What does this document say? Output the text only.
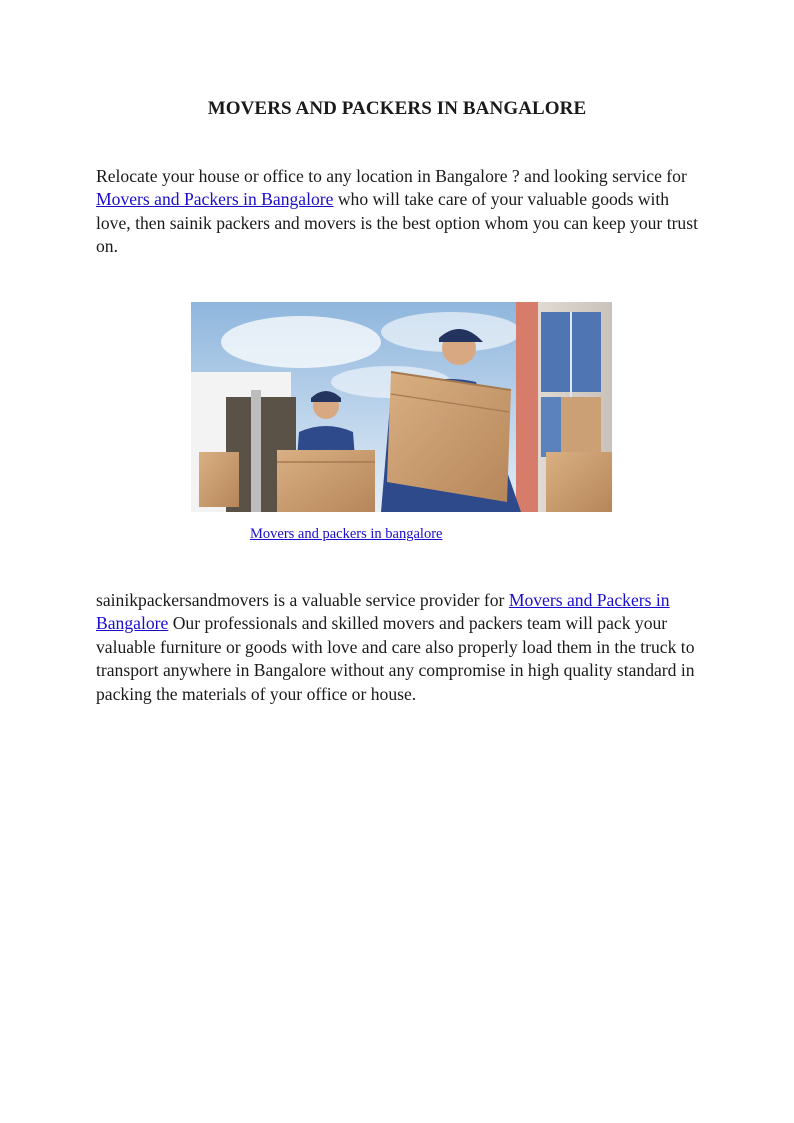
MOVERS AND PACKERS IN BANGALORE

Relocate your house or office to any location in Bangalore ? and looking service for Movers and Packers in Bangalore who will take care of your valuable goods with love, then sainik packers and movers is the best option whom you can keep your trust on.

Movers and packers in bangalore

sainikpackersandmovers is a valuable service provider for Movers and Packers in Bangalore Our professionals and skilled movers and packers team will pack your valuable furniture or goods with love and care also properly load them in the truck to transport anywhere in Bangalore without any compromise in high quality standard in packing the materials of your office or house.
